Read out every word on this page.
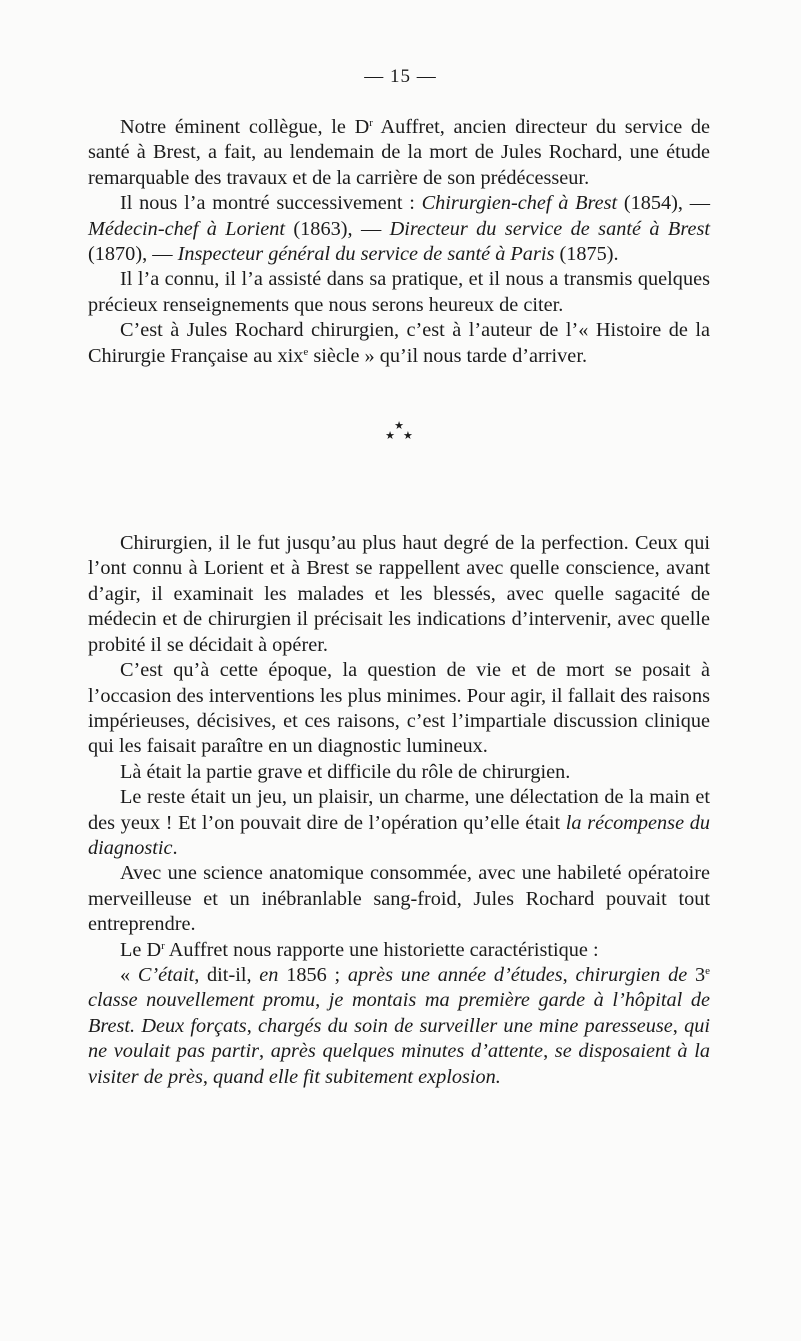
— 15 —

Notre éminent collègue, le $D^r$ Auffret, ancien directeur du service de santé à Brest, a fait, au lendemain de la mort de Jules Rochard, une étude remarquable des travaux et de la carrière de son prédécesseur.

Il nous l’a montré successivement : Chirurgien-chef à Brest (1854), — Médecin-chef à Lorient (1863), — Directeur du service de santé à Brest (1870), — Inspecteur général du service de santé à Paris (1875).

Il l’a connu, il l’a assisté dans sa pratique, et il nous a transmis quelques précieux renseignements que nous serons heureux de citer.

C’est à Jules Rochard chirurgien, c’est à l’auteur de l’« Histoire de la Chirurgie Française au xix$^e$ siècle » qu’il nous tarde d’arriver.

★
★ ★

Chirurgien, il le fut jusqu’au plus haut degré de la perfection. Ceux qui l’ont connu à Lorient et à Brest se rappellent avec quelle conscience, avant d’agir, il examinait les malades et les blessés, avec quelle sagacité de médecin et de chirurgien il précisait les indications d’intervenir, avec quelle probité il se décidait à opérer.

C’est qu’à cette époque, la question de vie et de mort se posait à l’occasion des interventions les plus minimes. Pour agir, il fallait des raisons impérieuses, décisives, et ces raisons, c’est l’impartiale discussion clinique qui les faisait paraître en un diagnostic lumineux.

Là était la partie grave et difficile du rôle de chirurgien.

Le reste était un jeu, un plaisir, un charme, une délectation de la main et des yeux ! Et l’on pouvait dire de l’opération qu’elle était la récompense du diagnostic.

Avec une science anatomique consommée, avec une habileté opératoire merveilleuse et un inébranlable sang-froid, Jules Rochard pouvait tout entreprendre.

Le $D^r$ Auffret nous rapporte une historiette caractéristique :

« C’était, dit-il, en 1856 ; après une année d’études, chirurgien de 3e classe nouvellement promu, je montais ma première garde à l’hôpital de Brest. Deux forçats, chargés du soin de surveiller une mine paresseuse, qui ne voulait pas partir, après quelques minutes d’attente, se disposaient à la visiter de près, quand elle fit subitement explosion.
